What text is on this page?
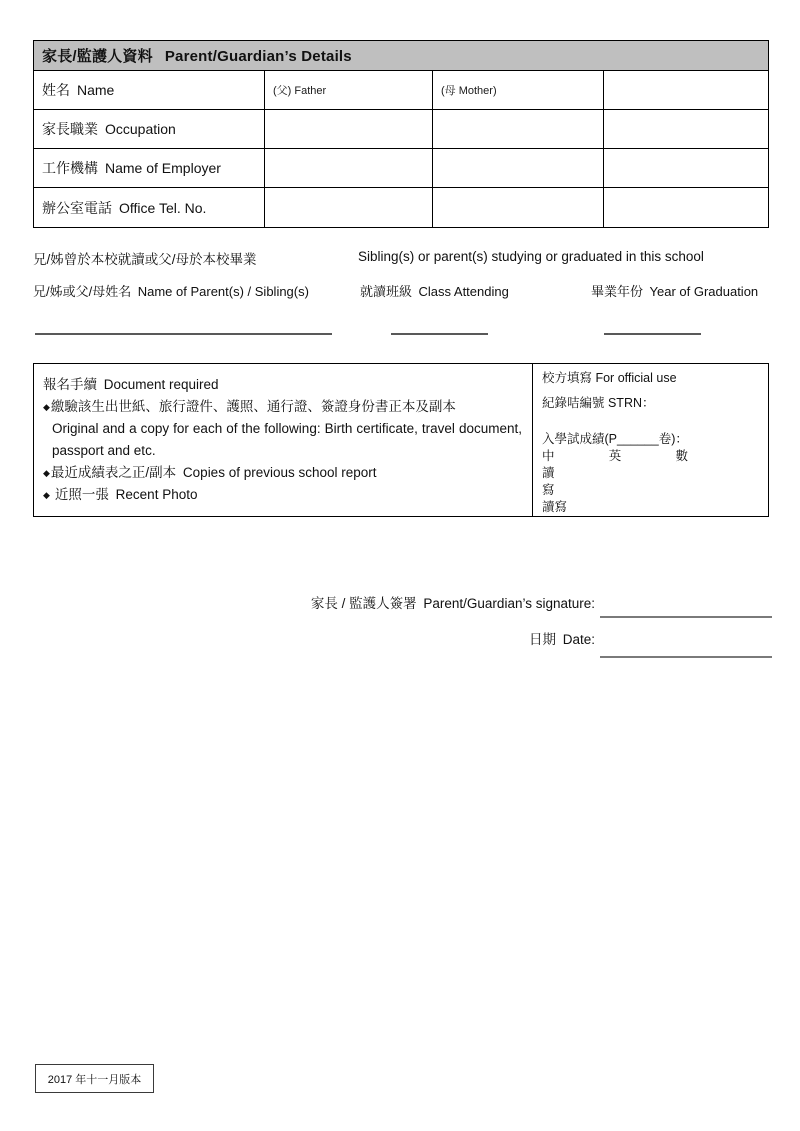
家長/監護人資料  Parent/Guardian’s Details
姓名 Name	(父) Father	(母 Mother)
家長職業 Occupation
工作機構 Name of Employer
辦公室電話 Office Tel. No.
兄/姊曾於本校就讀或父/母於本校畢業	Sibling(s) or parent(s) studying or graduated in this school
兄/姊或父/母姓名 Name of Parent(s) / Sibling(s)	就讀班級 Class Attending	畢業年份 Year of Graduation
報名手續 Document required
◆繳驗該生出世紙、旅行證件、護照、通行證、簽證身份書正本及副本
Original and a copy for each of the following: Birth certificate, travel document, passport and etc.
◆最近成績表之正/副本 Copies of previous school report
◆ 近照一張 Recent Photo
校方填寫 For official use
紀錄咭編號 STRN：
入學試成績(P______卷)：
中	英	數
讀
寫
讀寫
家長 / 監護人簽署 Parent/Guardian’s signature:
日期 Date:
2017 年十一月版本
